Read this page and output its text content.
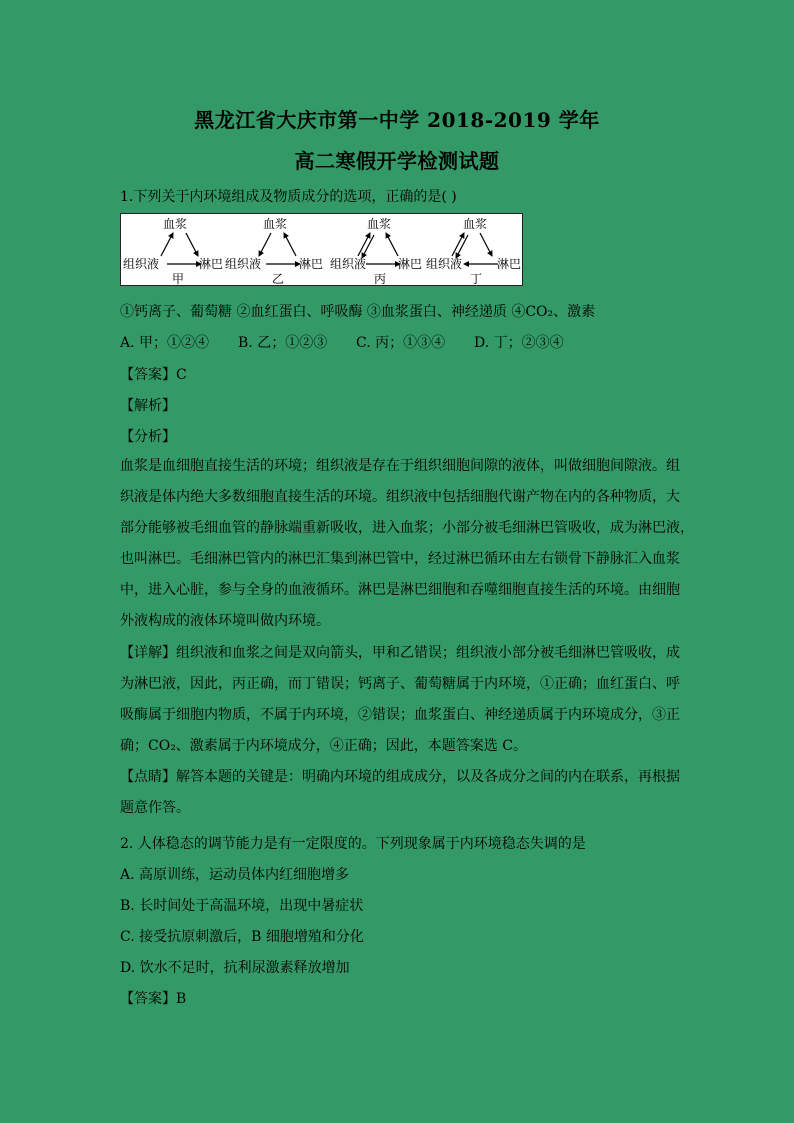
黑龙江省大庆市第一中学 2018-2019 学年
高二寒假开学检测试题
1.下列关于内环境组成及物质成分的选项，正确的是( )
血浆
组织液	淋巴
甲
血浆
组织液	淋巴
乙
血浆
组织液	淋巴
丙
血浆
组织液	淋巴
丁
①钙离子、葡萄糖 ②血红蛋白、呼吸酶 ③血浆蛋白、神经递质 ④CO₂、激素
A. 甲；①②④ B. 乙；①②③ C. 丙；①③④ D. 丁；②③④
【答案】C
【解析】
【分析】
血浆是血细胞直接生活的环境；组织液是存在于组织细胞间隙的液体，叫做细胞间隙液。组
织液是体内绝大多数细胞直接生活的环境。组织液中包括细胞代谢产物在内的各种物质，大
部分能够被毛细血管的静脉端重新吸收，进入血浆；小部分被毛细淋巴管吸收，成为淋巴液，
也叫淋巴。毛细淋巴管内的淋巴汇集到淋巴管中，经过淋巴循环由左右锁骨下静脉汇入血浆
中，进入心脏，参与全身的血液循环。淋巴是淋巴细胞和吞噬细胞直接生活的环境。由细胞
外液构成的液体环境叫做内环境。
【详解】组织液和血浆之间是双向箭头，甲和乙错误；组织液小部分被毛细淋巴管吸收，成
为淋巴液，因此，丙正确，而丁错误；钙离子、葡萄糖属于内环境，①正确；血红蛋白、呼
吸酶属于细胞内物质，不属于内环境，②错误；血浆蛋白、神经递质属于内环境成分，③正
确；CO₂、激素属于内环境成分，④正确；因此，本题答案选 C。
【点睛】解答本题的关键是：明确内环境的组成成分，以及各成分之间的内在联系，再根据
题意作答。
2. 人体稳态的调节能力是有一定限度的。下列现象属于内环境稳态失调的是
A. 高原训练，运动员体内红细胞增多
B. 长时间处于高温环境，出现中暑症状
C. 接受抗原刺激后，B 细胞增殖和分化
D. 饮水不足时，抗利尿激素释放增加
【答案】B
